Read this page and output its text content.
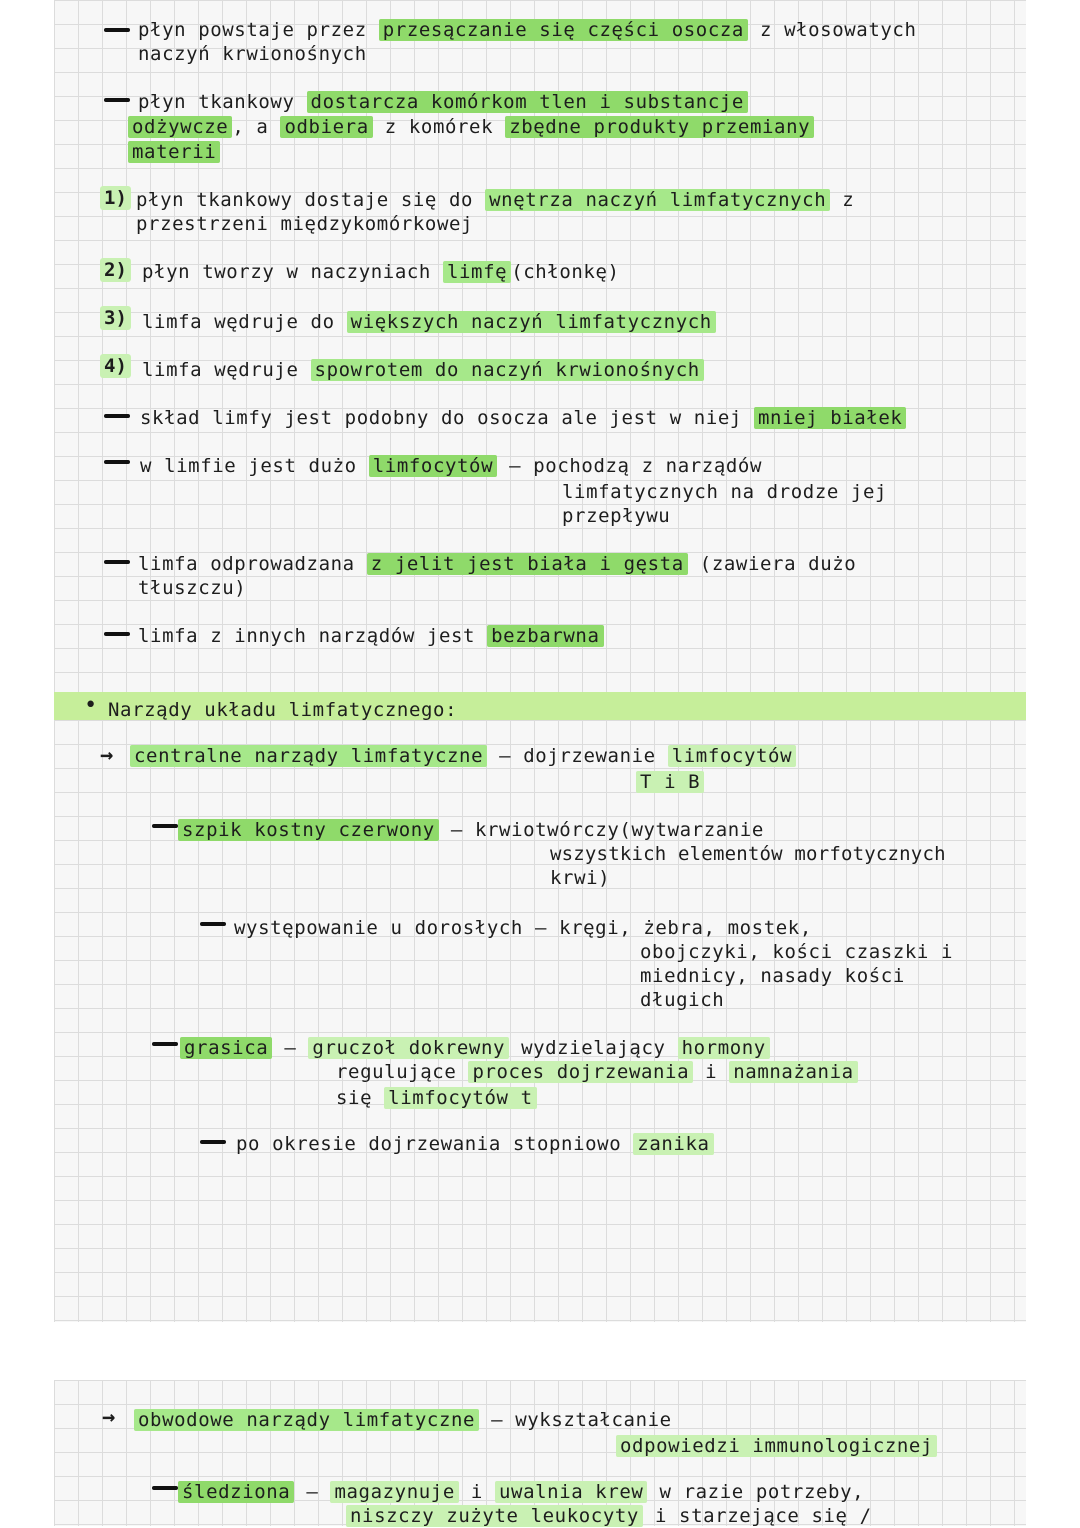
płyn powstaje przez przesączanie się części osocza z włosowatych
naczyń krwionośnych
płyn tkankowy dostarcza komórkom tlen i substancje
odżywcze , a odbiera z komórek zbędne produkty przemiany
materii
1) płyn tkankowy dostaje się do wnętrza naczyń limfatycznych z
przestrzeni międzykomórkowej
2) płyn tworzy w naczyniach limfę (chłonkę)
3) limfa wędruje do większych naczyń limfatycznych
4) limfa wędruje spowrotem do naczyń krwionośnych
skład limfy jest podobny do osocza ale jest w niej mniej białek
w limfie jest dużo limfocytów — pochodzą z narządów
limfatycznych na drodze jej
przepływu
limfa odprowadzana z jelit jest biała i gęsta (zawiera dużo
tłuszczu)
limfa z innych narządów jest bezbarwna
• Narządy układu limfatycznego:
→ centralne narządy limfatyczne — dojrzewanie limfocytów
T i B
szpik kostny czerwony — krwiotwórczy(wytwarzanie
wszystkich elementów morfotycznych
krwi)
występowanie u dorosłych — kręgi, żebra, mostek,
obojczyki, kości czaszki i
miednicy, nasady kości
długich
grasica — gruczoł dokrewny wydzielający hormony
regulujące proces dojrzewania i namnażania
się limfocytów t
po okresie dojrzewania stopniowo zanika
→ obwodowe narządy limfatyczne — wykształcanie
odpowiedzi immunologicznej
śledziona — magazynuje i uwalnia krew w razie potrzeby,
niszczy zużyte leukocyty i starzejące się /
